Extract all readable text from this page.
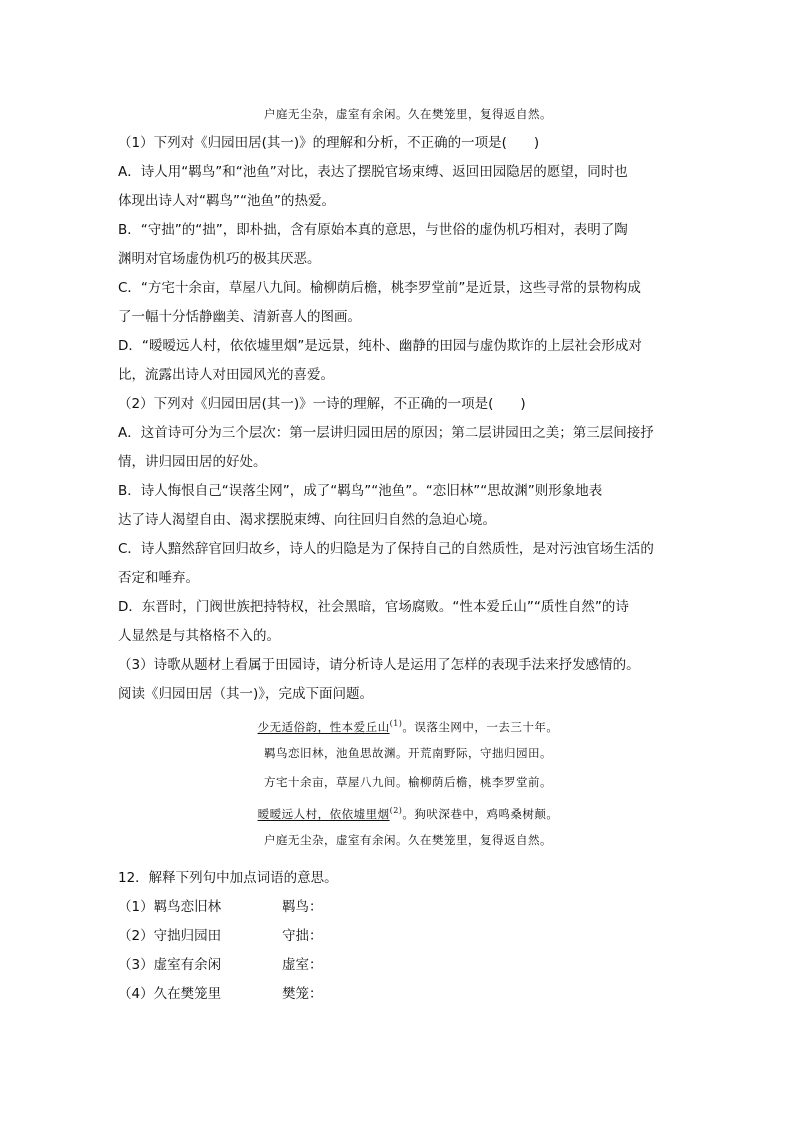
户庭无尘杂，虚室有余闲。久在樊笼里，复得返自然。
（1）下列对《归园田居(其一)》的理解和分析，不正确的一项是(　　)
A．诗人用“羁鸟”和“池鱼”对比，表达了摆脱官场束缚、返回田园隐居的愿望，同时也
体现出诗人对“羁鸟”“池鱼”的热爱。
B．“守拙”的“拙”，即朴拙，含有原始本真的意思，与世俗的虚伪机巧相对，表明了陶
渊明对官场虚伪机巧的极其厌恶。
C．“方宅十余亩，草屋八九间。榆柳荫后檐，桃李罗堂前”是近景，这些寻常的景物构成
了一幅十分恬静幽美、清新喜人的图画。
D．“暧暧远人村，依依墟里烟”是远景，纯朴、幽静的田园与虚伪欺诈的上层社会形成对
比，流露出诗人对田园风光的喜爱。
（2）下列对《归园田居(其一)》一诗的理解，不正确的一项是(　　)
A．这首诗可分为三个层次：第一层讲归园田居的原因；第二层讲园田之美；第三层间接抒
情，讲归园田居的好处。
B．诗人悔恨自己“误落尘网”，成了“羁鸟”“池鱼”。“恋旧林”“思故渊”则形象地表
达了诗人渴望自由、渴求摆脱束缚、向往回归自然的急迫心境。
C．诗人黯然辞官回归故乡，诗人的归隐是为了保持自己的自然质性，是对污浊官场生活的
否定和唾弃。
D．东晋时，门阀世族把持特权，社会黑暗，官场腐败。“性本爱丘山”“质性自然”的诗
人显然是与其格格不入的。
（3）诗歌从题材上看属于田园诗，请分析诗人是运用了怎样的表现手法来抒发感情的。
阅读《归园田居（其一)》，完成下面问题。
少无适俗韵，性本爱丘山$^{(1)}$。误落尘网中，一去三十年。
羁鸟恋旧林，池鱼思故渊。开荒南野际，守拙归园田。
方宅十余亩，草屋八九间。榆柳荫后檐，桃李罗堂前。
暧暧远人村，依依墟里烟$^{(2)}$。狗吠深巷中，鸡鸣桑树颠。
户庭无尘杂，虚室有余闲。久在樊笼里，复得返自然。
12．解释下列句中加点词语的意思。
（1）羁鸟恋旧林	羁鸟：
（2）守拙归园田	守拙：
（3）虚室有余闲	虚室：
（4）久在樊笼里	樊笼：
